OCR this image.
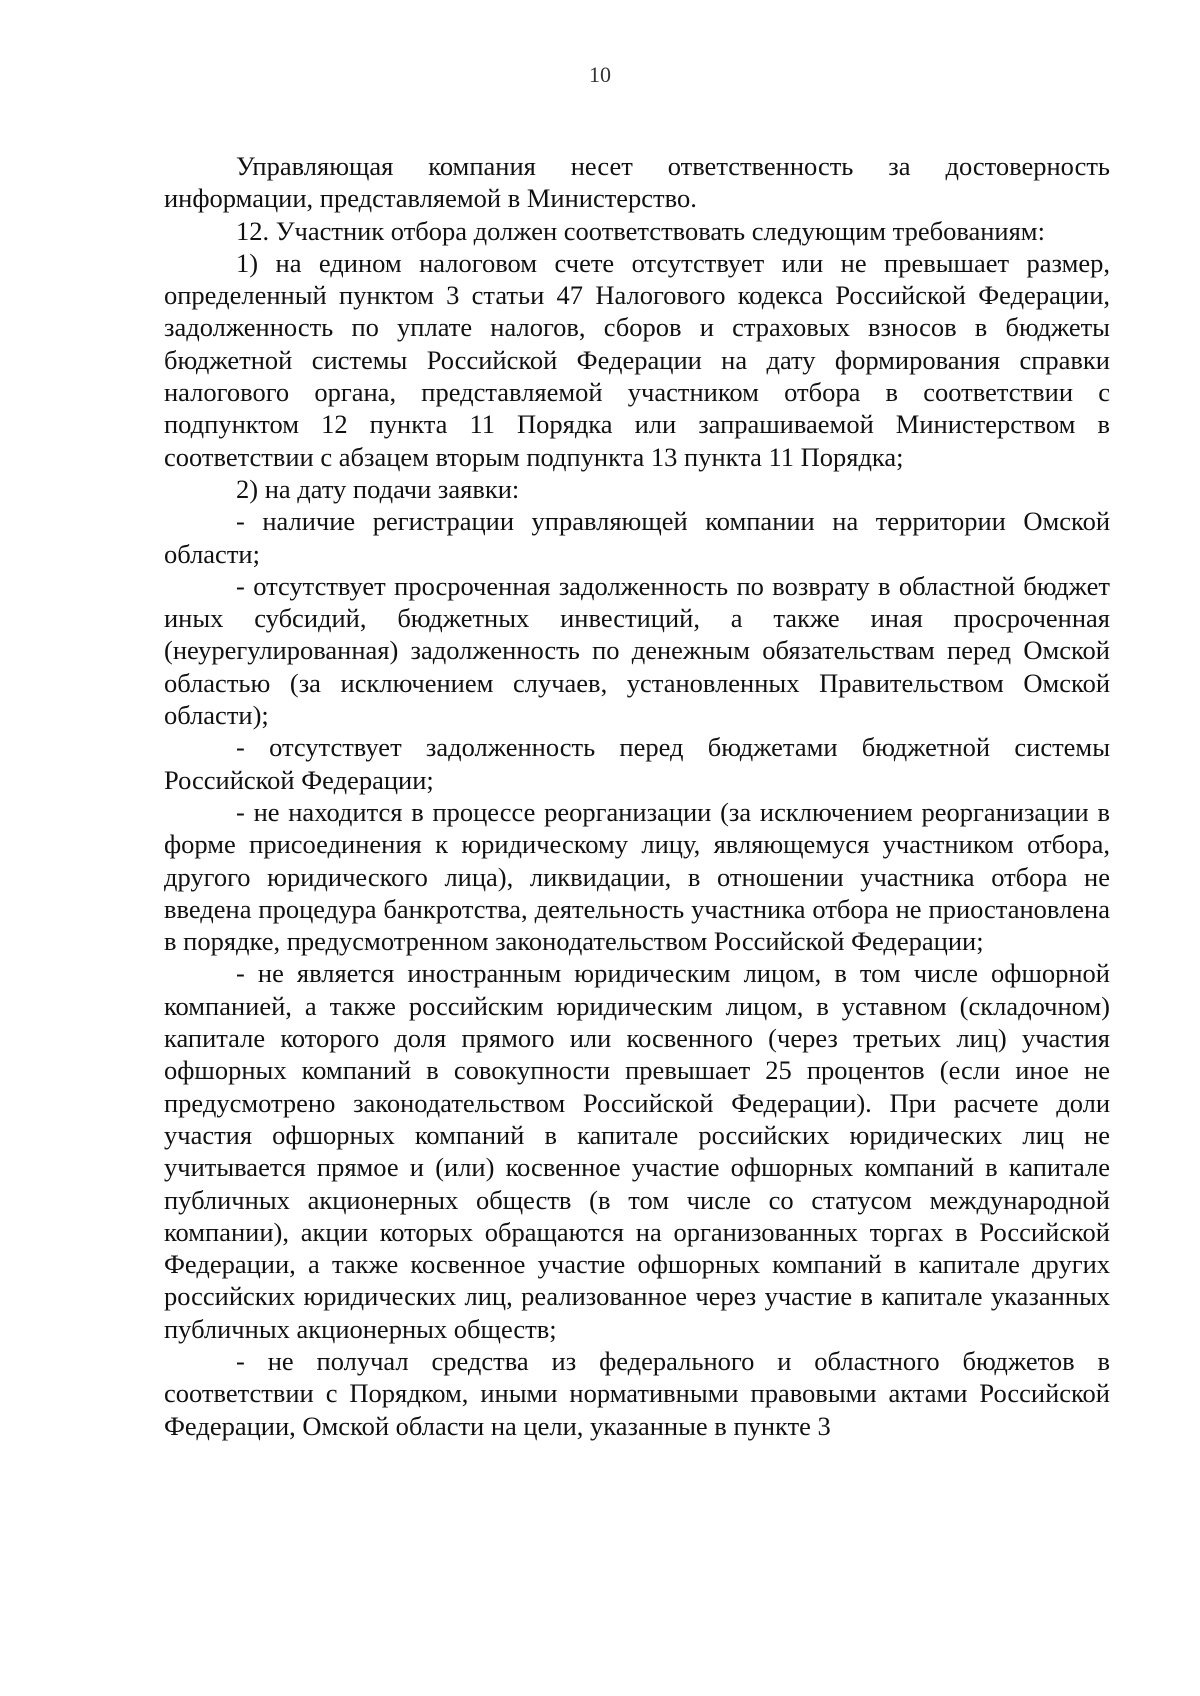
10

Управляющая компания несет ответственность за достоверность информации, представляемой в Министерство.

12. Участник отбора должен соответствовать следующим требованиям:

1) на едином налоговом счете отсутствует или не превышает размер, определенный пунктом 3 статьи 47 Налогового кодекса Российской Федерации, задолженность по уплате налогов, сборов и страховых взносов в бюджеты бюджетной системы Российской Федерации на дату формирования справки налогового органа, представляемой участником отбора в соответствии с подпунктом 12 пункта 11 Порядка или запрашиваемой Министерством в соответствии с абзацем вторым подпункта 13 пункта 11 Порядка;

2) на дату подачи заявки:

- наличие регистрации управляющей компании на территории Омской области;

- отсутствует просроченная задолженность по возврату в областной бюджет иных субсидий, бюджетных инвестиций, а также иная просроченная (неурегулированная) задолженность по денежным обязательствам перед Омской областью (за исключением случаев, установленных Правительством Омской области);

- отсутствует задолженность перед бюджетами бюджетной системы Российской Федерации;

- не находится в процессе реорганизации (за исключением реорганизации в форме присоединения к юридическому лицу, являющемуся участником отбора, другого юридического лица), ликвидации, в отношении участника отбора не введена процедура банкротства, деятельность участника отбора не приостановлена в порядке, предусмотренном законодательством Российской Федерации;

- не является иностранным юридическим лицом, в том числе офшорной компанией, а также российским юридическим лицом, в уставном (складочном) капитале которого доля прямого или косвенного (через третьих лиц) участия офшорных компаний в совокупности превышает 25 процентов (если иное не предусмотрено законодательством Российской Федерации). При расчете доли участия офшорных компаний в капитале российских юридических лиц не учитывается прямое и (или) косвенное участие офшорных компаний в капитале публичных акционерных обществ (в том числе со статусом международной компании), акции которых обращаются на организованных торгах в Российской Федерации, а также косвенное участие офшорных компаний в капитале других российских юридических лиц, реализованное через участие в капитале указанных публичных акционерных обществ;

- не получал средства из федерального и областного бюджетов в соответствии с Порядком, иными нормативными правовыми актами Российской Федерации, Омской области на цели, указанные в пункте 3
